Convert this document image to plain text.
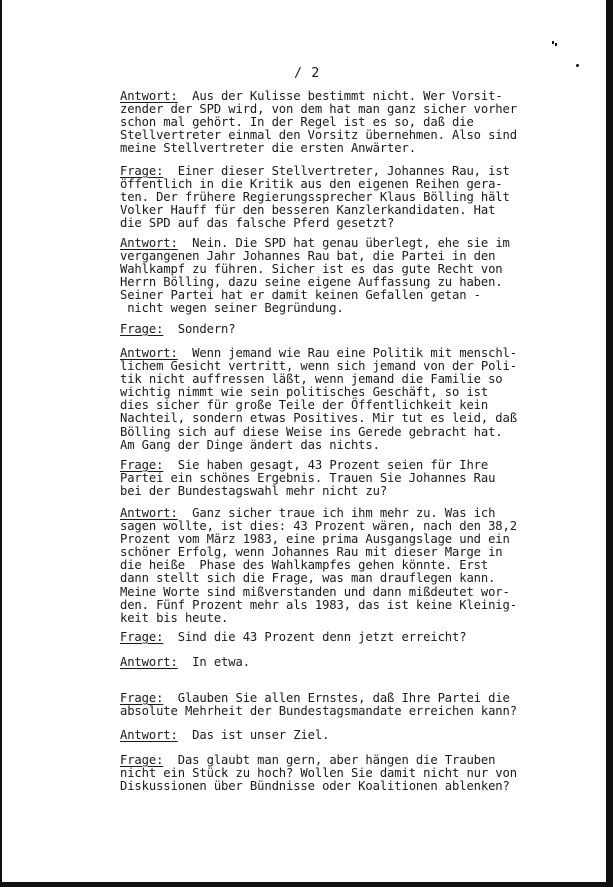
/ 2
Antwort:  Aus der Kulisse bestimmt nicht. Wer Vorsit-
zender der SPD wird, von dem hat man ganz sicher vorher
schon mal gehört. In der Regel ist es so, daß die
Stellvertreter einmal den Vorsitz übernehmen. Also sind
meine Stellvertreter die ersten Anwärter.
Frage:  Einer dieser Stellvertreter, Johannes Rau, ist
öffentlich in die Kritik aus den eigenen Reihen gera-
ten. Der frühere Regierungssprecher Klaus Bölling hält
Volker Hauff für den besseren Kanzlerkandidaten. Hat
die SPD auf das falsche Pferd gesetzt?
Antwort:  Nein. Die SPD hat genau überlegt, ehe sie im
vergangenen Jahr Johannes Rau bat, die Partei in den
Wahlkampf zu führen. Sicher ist es das gute Recht von
Herrn Bölling, dazu seine eigene Auffassung zu haben.
Seiner Partei hat er damit keinen Gefallen getan -
nicht wegen seiner Begründung.
Frage:  Sondern?
Antwort:  Wenn jemand wie Rau eine Politik mit menschl-
lichem Gesicht vertritt, wenn sich jemand von der Poli-
tik nicht auffressen läßt, wenn jemand die Familie so
wichtig nimmt wie sein politisches Geschäft, so ist
dies sicher für große Teile der Öffentlichkeit kein
Nachteil, sondern etwas Positives. Mir tut es leid, daß
Bölling sich auf diese Weise ins Gerede gebracht hat.
Am Gang der Dinge ändert das nichts.
Frage:  Sie haben gesagt, 43 Prozent seien für Ihre
Partei ein schönes Ergebnis. Trauen Sie Johannes Rau
bei der Bundestagswahl mehr nicht zu?
Antwort:  Ganz sicher traue ich ihm mehr zu. Was ich
sagen wollte, ist dies: 43 Prozent wären, nach den 38,2
Prozent vom März 1983, eine prima Ausgangslage und ein
schöner Erfolg, wenn Johannes Rau mit dieser Marge in
die heiße  Phase des Wahlkampfes gehen könnte. Erst
dann stellt sich die Frage, was man drauflegen kann.
Meine Worte sind mißverstanden und dann mißdeutet wor-
den. Fünf Prozent mehr als 1983, das ist keine Kleinig-
keit bis heute.
Frage:  Sind die 43 Prozent denn jetzt erreicht?
Antwort:  In etwa.
Frage:  Glauben Sie allen Ernstes, daß Ihre Partei die
absolute Mehrheit der Bundestagsmandate erreichen kann?
Antwort:  Das ist unser Ziel.
Frage:  Das glaubt man gern, aber hängen die Trauben
nicht ein Stück zu hoch? Wollen Sie damit nicht nur von
Diskussionen über Bündnisse oder Koalitionen ablenken?
